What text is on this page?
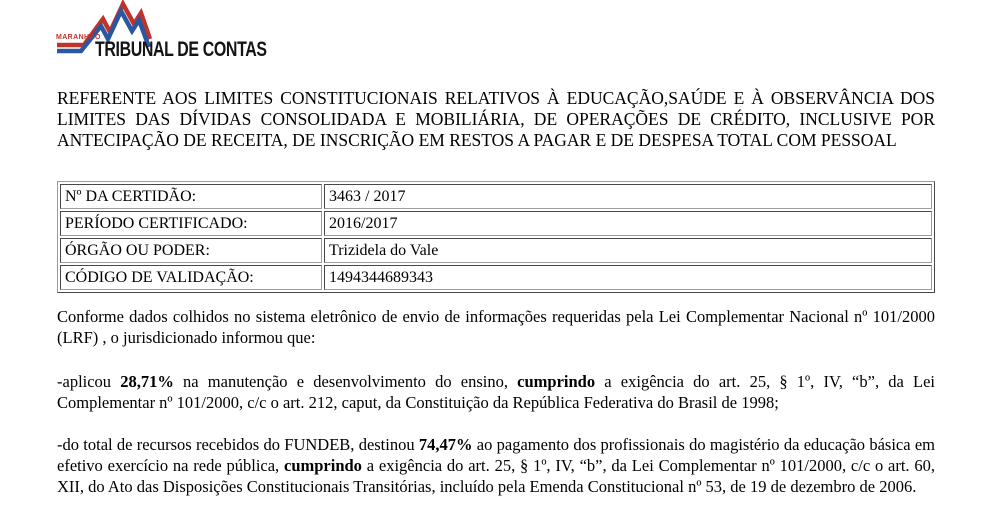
MARANHÃO
TRIBUNAL DE CONTAS
REFERENTE AOS LIMITES CONSTITUCIONAIS RELATIVOS À EDUCAÇÃO,SAÚDE E À OBSERVÂNCIA DOS LIMITES DAS DÍVIDAS CONSOLIDADA E MOBILIÁRIA, DE OPERAÇÕES DE CRÉDITO, INCLUSIVE POR ANTECIPAÇÃO DE RECEITA, DE INSCRIÇÃO EM RESTOS A PAGAR E DE DESPESA TOTAL COM PESSOAL
Nº DA CERTIDÃO:	3463 / 2017
PERÍODO CERTIFICADO:	2016/2017
ÓRGÃO OU PODER:	Trizidela do Vale
CÓDIGO DE VALIDAÇÃO:	1494344689343

Conforme dados colhidos no sistema eletrônico de envio de informações requeridas pela Lei Complementar Nacional nº 101/2000 (LRF) , o jurisdicionado informou que:

-aplicou 28,71% na manutenção e desenvolvimento do ensino, cumprindo a exigência do art. 25, § 1º, IV, “b”, da Lei Complementar nº 101/2000, c/c o art. 212, caput, da Constituição da República Federativa do Brasil de 1998;

-do total de recursos recebidos do FUNDEB, destinou 74,47% ao pagamento dos profissionais do magistério da educação básica em efetivo exercício na rede pública, cumprindo a exigência do art. 25, § 1º, IV, “b”, da Lei Complementar nº 101/2000, c/c o art. 60, XII, do Ato das Disposições Constitucionais Transitórias, incluído pela Emenda Constitucional nº 53, de 19 de dezembro de 2006.
